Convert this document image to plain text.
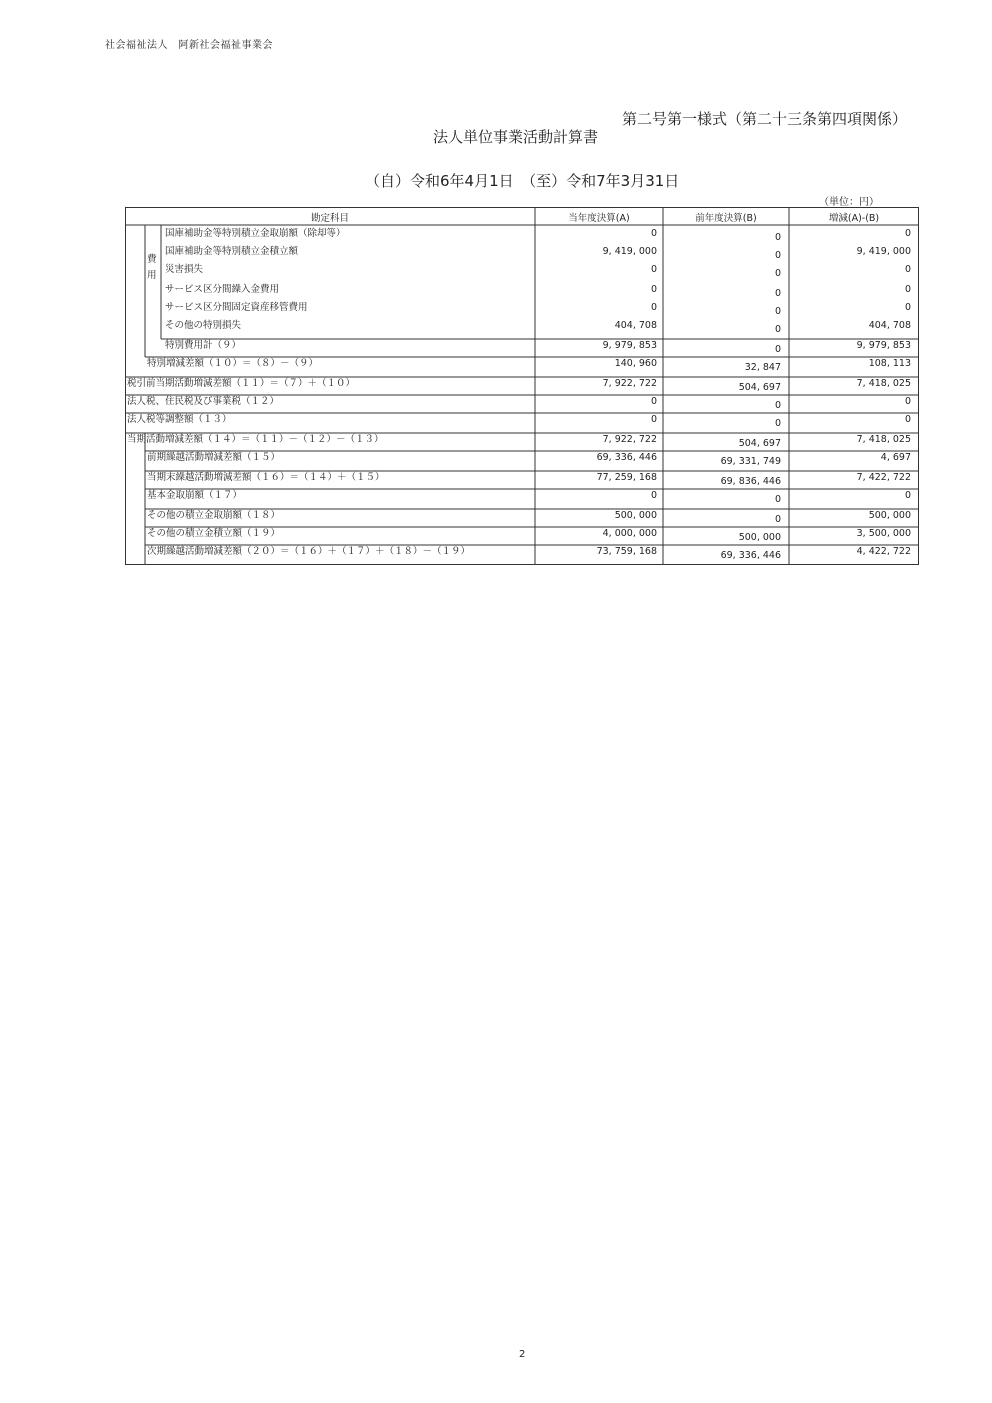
社会福祉法人　阿新社会福祉事業会
第二号第一様式（第二十三条第四項関係）
法人単位事業活動計算書
（自）令和6年4月1日　（至）令和7年3月31日
（単位：円）
勘定科目	当年度決算(A)	前年度決算(B)	増減(A)-(B)
費
用
国庫補助金等特別積立金取崩額（除却等）	0	0	0
国庫補助金等特別積立金積立額	9, 419, 000	0	9, 419, 000
災害損失	0	0	0
サービス区分間繰入金費用	0	0	0
サービス区分間固定資産移管費用	0	0	0
その他の特別損失	404, 708	0	404, 708
特別費用計（９）	9, 979, 853	0	9, 979, 853
特別増減差額（１０）＝（８）－（９）	140, 960	32, 847	108, 113
税引前当期活動増減差額（１１）＝（７）＋（１０）	7, 922, 722	504, 697	7, 418, 025
法人税、住民税及び事業税（１２）	0	0	0
法人税等調整額（１３）	0	0	0
当期活動増減差額（１４）＝（１１）－（１２）－（１３）	7, 922, 722	504, 697	7, 418, 025
前期繰越活動増減差額（１５）	69, 336, 446	69, 331, 749	4, 697
当期末繰越活動増減差額（１６）＝（１４）＋（１５）	77, 259, 168	69, 836, 446	7, 422, 722
基本金取崩額（１７）	0	0	0
その他の積立金取崩額（１８）	500, 000	0	500, 000
その他の積立金積立額（１９）	4, 000, 000	500, 000	3, 500, 000
次期繰越活動増減差額（２０）＝（１６）＋（１７）＋（１８）－（１９）	73, 759, 168	69, 336, 446	4, 422, 722
2
